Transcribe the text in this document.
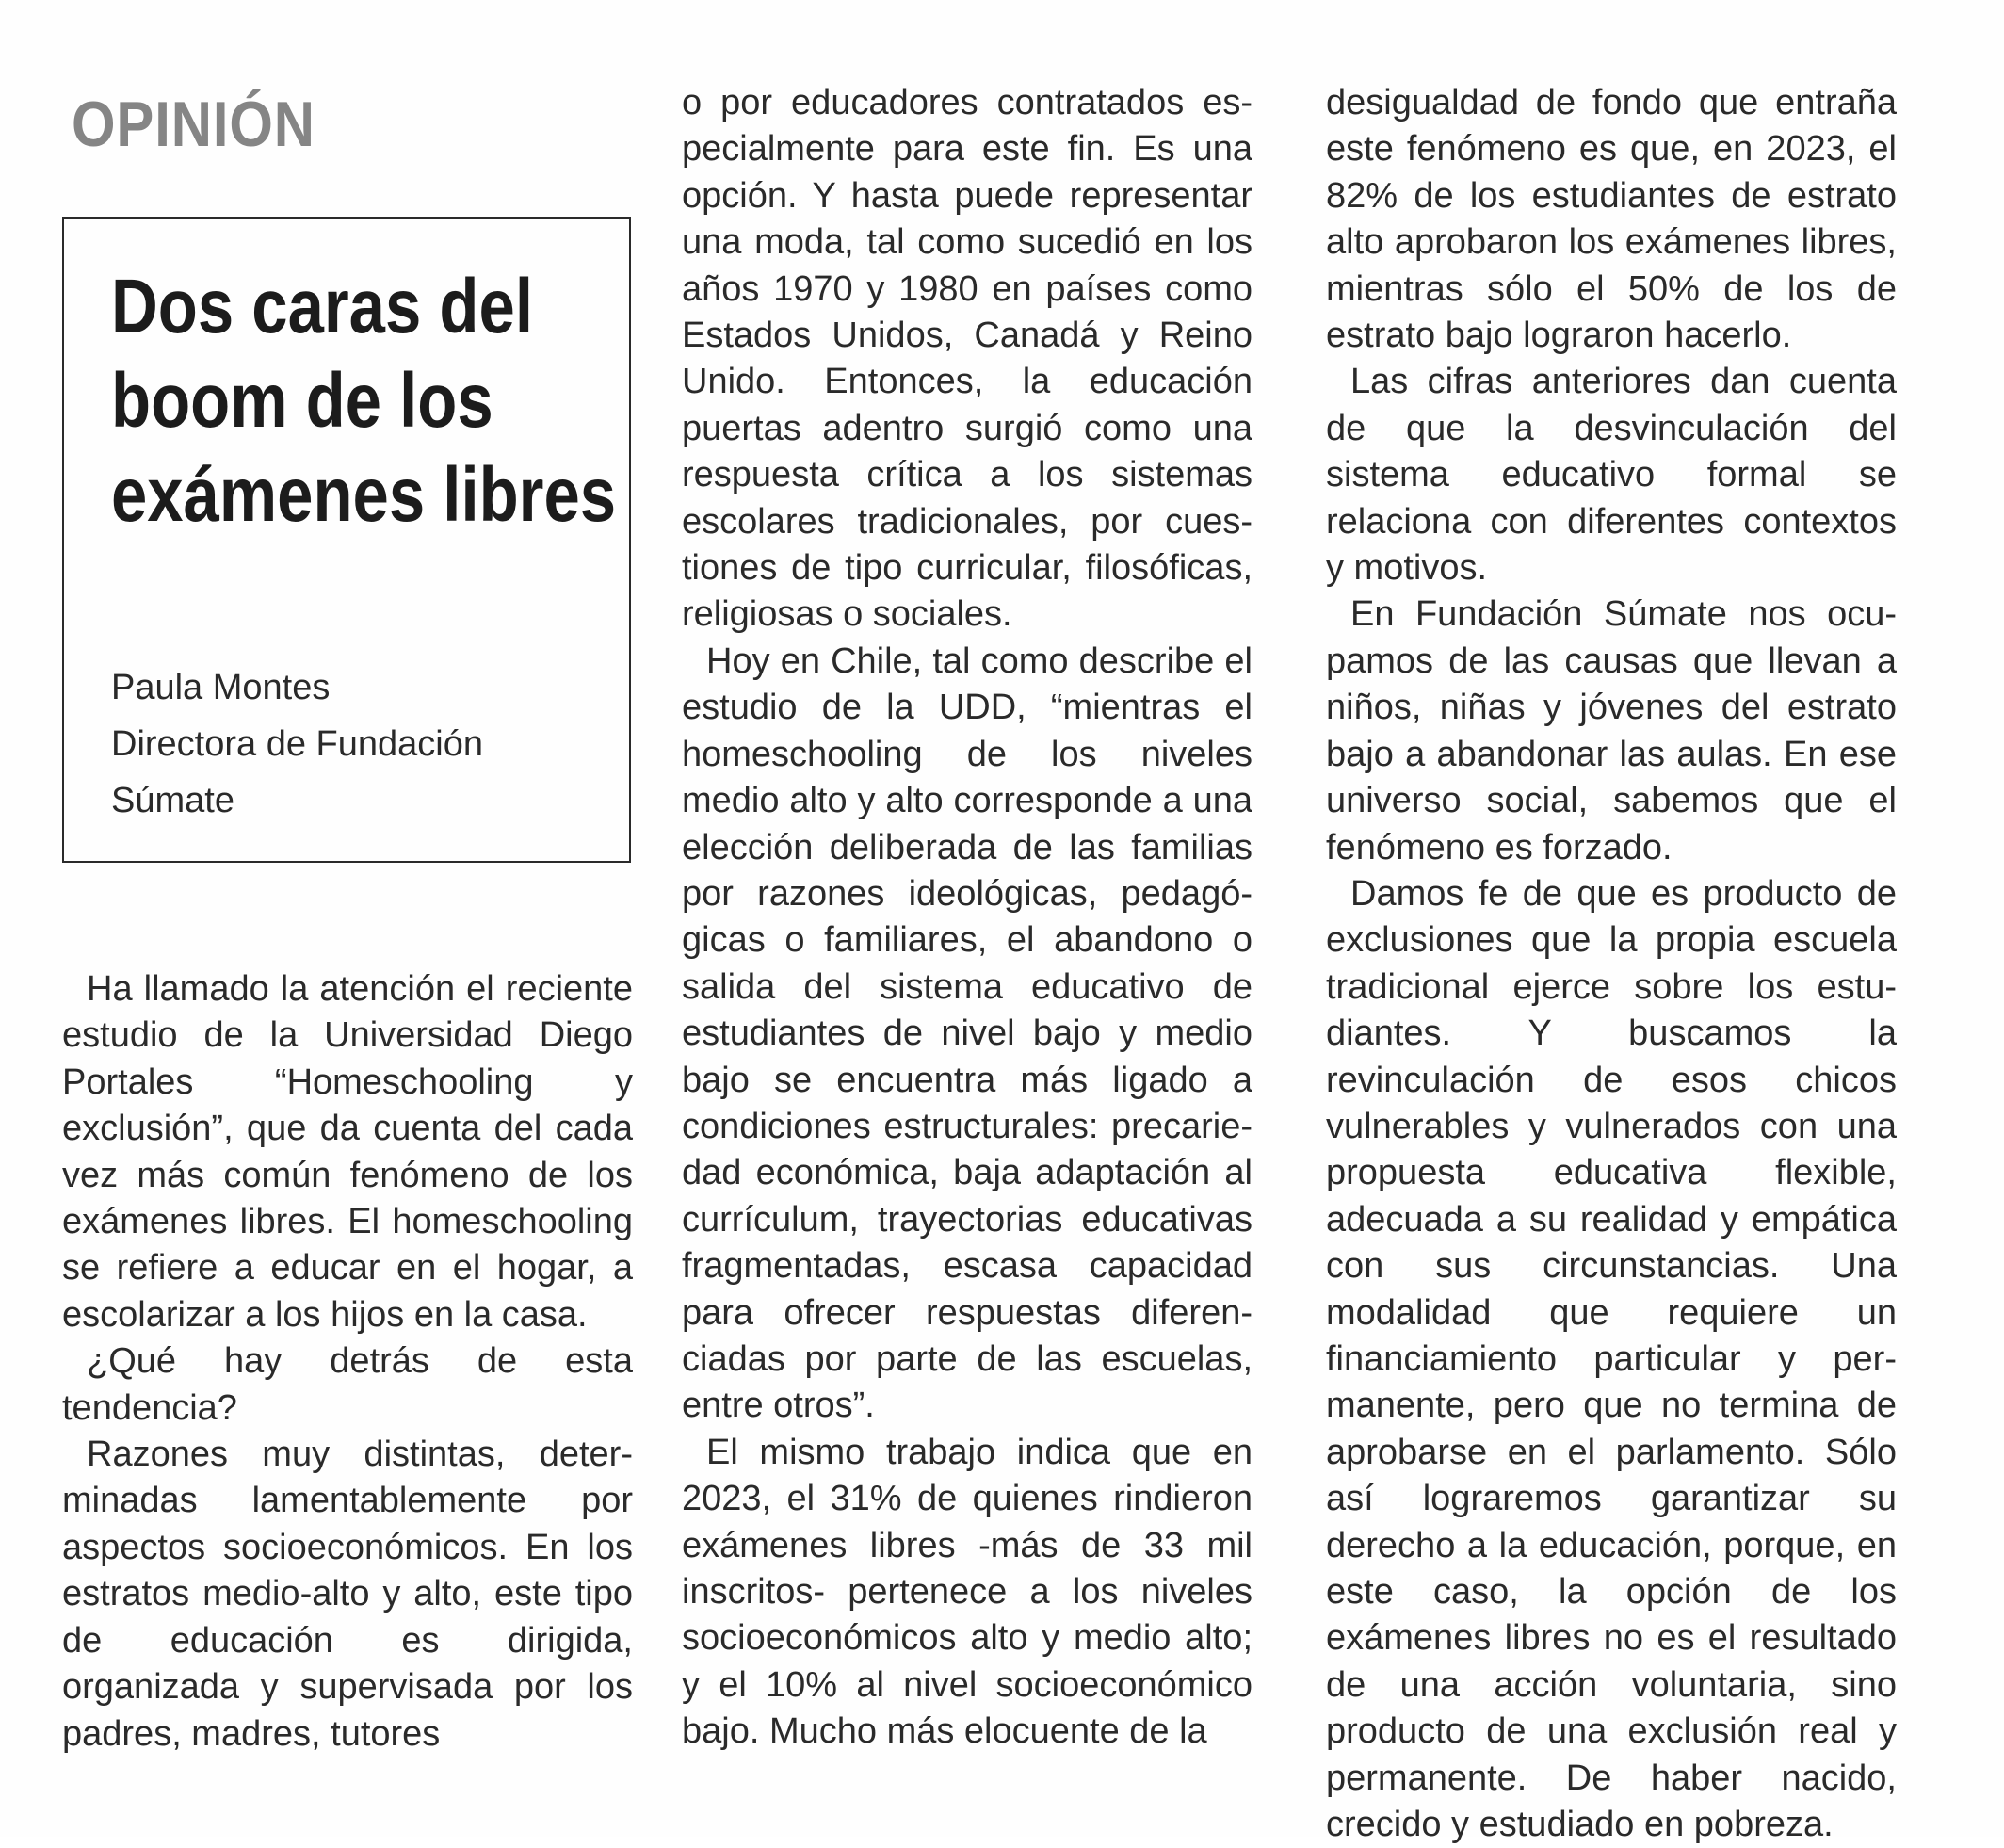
OPINIÓN
Dos caras del boom de los exámenes libres
Paula Montes
Directora de Fundación
Súmate

Ha llamado la atención el reciente estudio de la Universidad Diego Portales “Homeschooling y exclusión”, que da cuenta del cada vez más común fenómeno de los exámenes libres. El homeschooling se refiere a educar en el hogar, a escolarizar a los hijos en la casa.

¿Qué hay detrás de esta tendencia?

Razones muy distintas, determinadas lamentablemente por aspectos socioeconómicos. En los estratos medio-alto y alto, este tipo de educación es dirigida, organizada y supervisada por los padres, madres, tutores

o por educadores contratados especialmente para este fin. Es una opción. Y hasta puede representar una moda, tal como sucedió en los años 1970 y 1980 en países como Estados Unidos, Canadá y Reino Unido. Entonces, la educación puertas adentro surgió como una respuesta crítica a los sistemas escolares tradicionales, por cuestiones de tipo curricular, filosóficas, religiosas o sociales.

Hoy en Chile, tal como describe el estudio de la UDD, “mientras el homeschooling de los niveles medio alto y alto corresponde a una elección deliberada de las familias por razones ideológicas, pedagógicas o familiares, el abandono o salida del sistema educativo de estudiantes de nivel bajo y medio bajo se encuentra más ligado a condiciones estructurales: precariedad económica, baja adaptación al currículum, trayectorias educativas fragmentadas, escasa capacidad para ofrecer respuestas diferenciadas por parte de las escuelas, entre otros”.

El mismo trabajo indica que en 2023, el 31% de quienes rindieron exámenes libres -más de 33 mil inscritos- pertenece a los niveles socioeconómicos alto y medio alto; y el 10% al nivel socioeconómico bajo. Mucho más elocuente de la

desigualdad de fondo que entraña este fenómeno es que, en 2023, el 82% de los estudiantes de estrato alto aprobaron los exámenes libres, mientras sólo el 50% de los de estrato bajo lograron hacerlo.

Las cifras anteriores dan cuenta de que la desvinculación del sistema educativo formal se relaciona con diferentes contextos y motivos.

En Fundación Súmate nos ocupamos de las causas que llevan a niños, niñas y jóvenes del estrato bajo a abandonar las aulas. En ese universo social, sabemos que el fenómeno es forzado.

Damos fe de que es producto de exclusiones que la propia escuela tradicional ejerce sobre los estudiantes. Y buscamos la revinculación de esos chicos vulnerables y vulnerados con una propuesta educativa flexible, adecuada a su realidad y empática con sus circunstancias. Una modalidad que requiere un financiamiento particular y permanente, pero que no termina de aprobarse en el parlamento. Sólo así lograremos garantizar su derecho a la educación, porque, en este caso, la opción de los exámenes libres no es el resultado de una acción voluntaria, sino producto de una exclusión real y permanente. De haber nacido, crecido y estudiado en pobreza.
